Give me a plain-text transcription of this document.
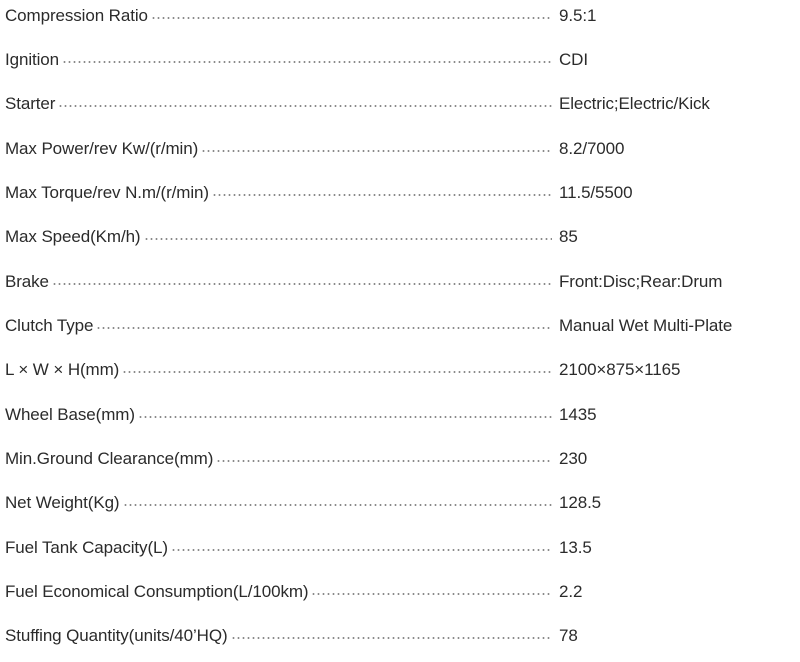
Compression Ratio	9.5:1
Ignition	CDI
Starter	Electric;Electric/Kick
Max Power/rev Kw/(r/min)	8.2/7000
Max Torque/rev N.m/(r/min)	11.5/5500
Max Speed(Km/h)	85
Brake	Front:Disc;Rear:Drum
Clutch Type	Manual Wet Multi-Plate
L × W × H(mm)	2100×875×1165
Wheel Base(mm)	1435
Min.Ground Clearance(mm)	230
Net Weight(Kg)	128.5
Fuel Tank Capacity(L)	13.5
Fuel Economical Consumption(L/100km)	2.2
Stuffing Quantity(units/40’HQ)	78
